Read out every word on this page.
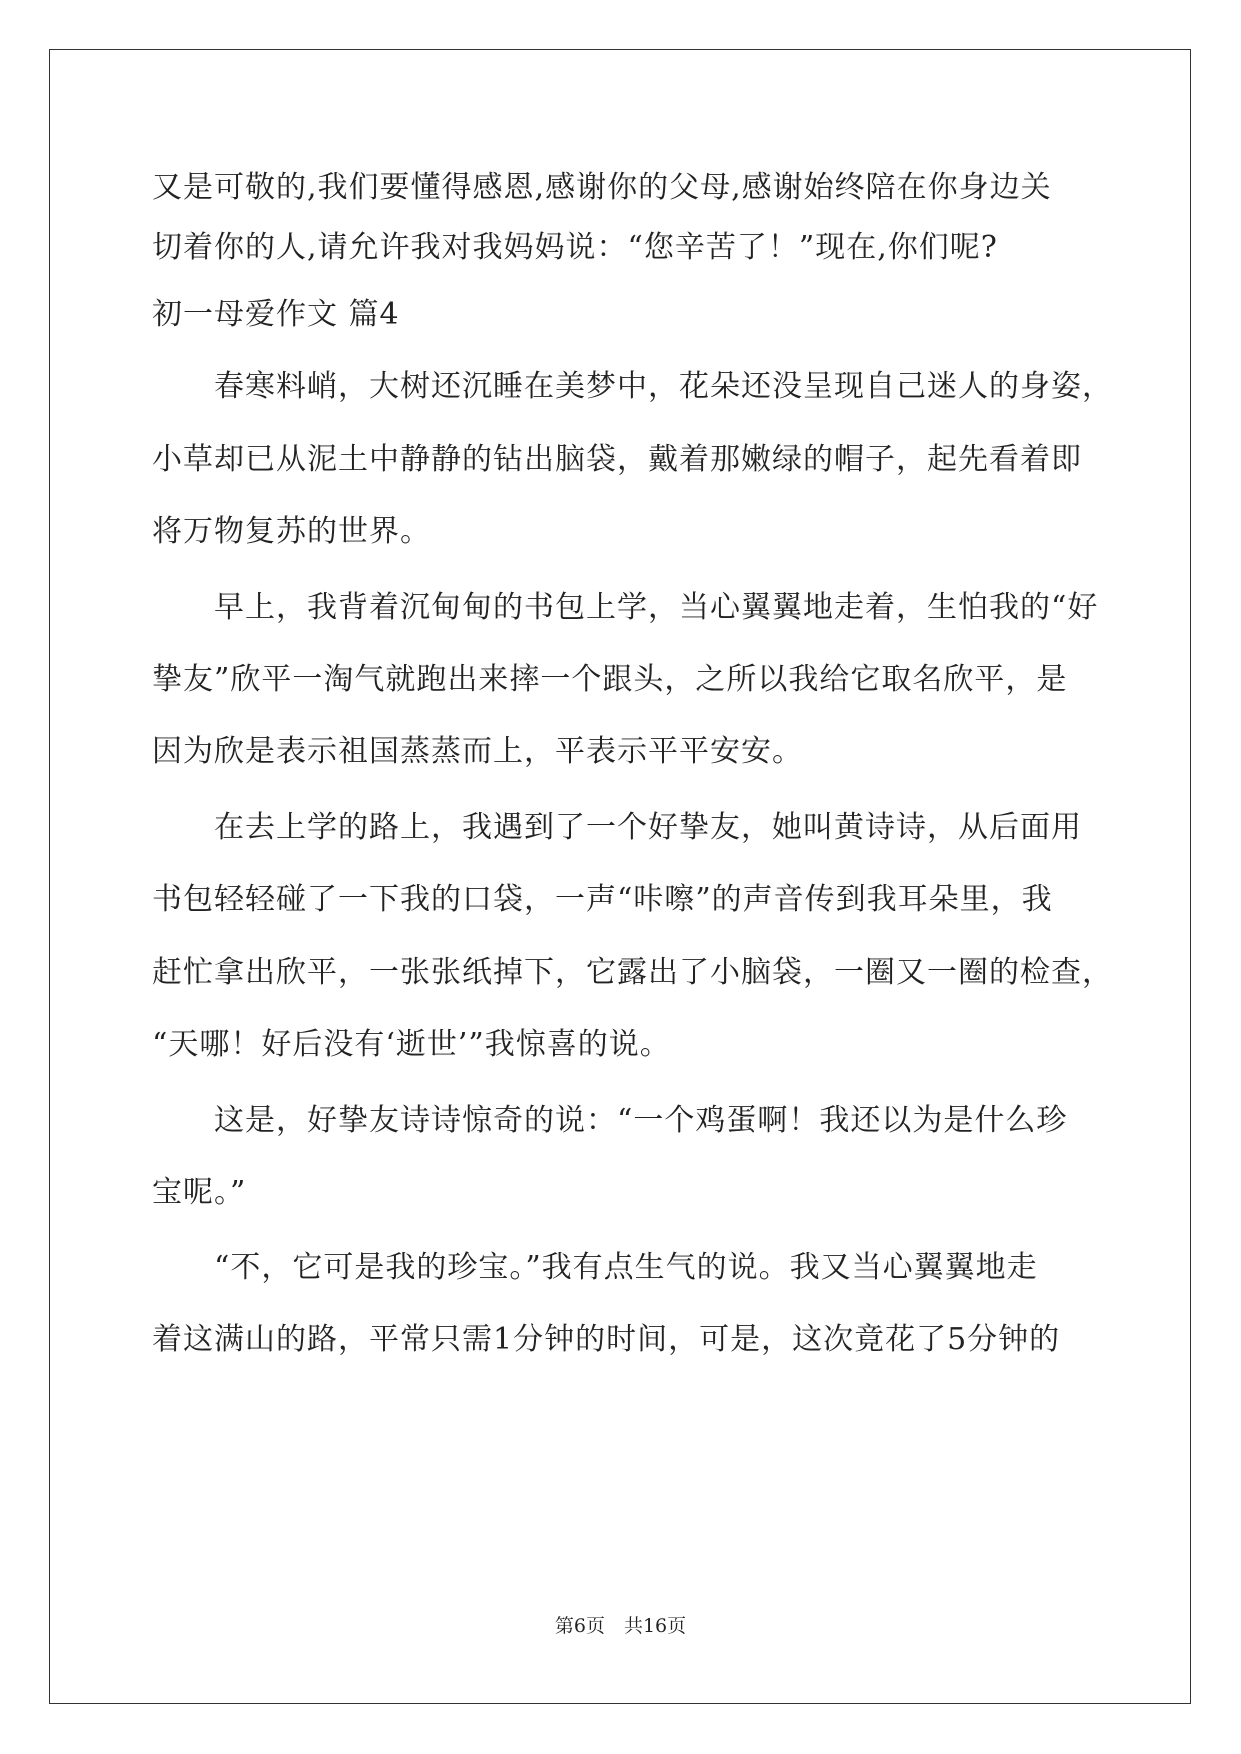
又是可敬的,我们要懂得感恩,感谢你的父母,感谢始终陪在你身边关
切着你的人,请允许我对我妈妈说：“您辛苦了！”现在,你们呢?
初一母爱作文 篇4
春寒料峭，大树还沉睡在美梦中，花朵还没呈现自己迷人的身姿，
小草却已从泥土中静静的钻出脑袋，戴着那嫩绿的帽子，起先看着即
将万物复苏的世界。
早上，我背着沉甸甸的书包上学，当心翼翼地走着，生怕我的“好
挚友”欣平一淘气就跑出来摔一个跟头，之所以我给它取名欣平，是
因为欣是表示祖国蒸蒸而上，平表示平平安安。
在去上学的路上，我遇到了一个好挚友，她叫黄诗诗，从后面用
书包轻轻碰了一下我的口袋，一声“咔嚓”的声音传到我耳朵里，我
赶忙拿出欣平，一张张纸掉下，它露出了小脑袋，一圈又一圈的检查，
“天哪！好后没有‘逝世’”我惊喜的说。
这是，好挚友诗诗惊奇的说：“一个鸡蛋啊！我还以为是什么珍
宝呢。”
“不，它可是我的珍宝。”我有点生气的说。我又当心翼翼地走
着这满山的路，平常只需1分钟的时间，可是，这次竟花了5分钟的
第6页　共16页
